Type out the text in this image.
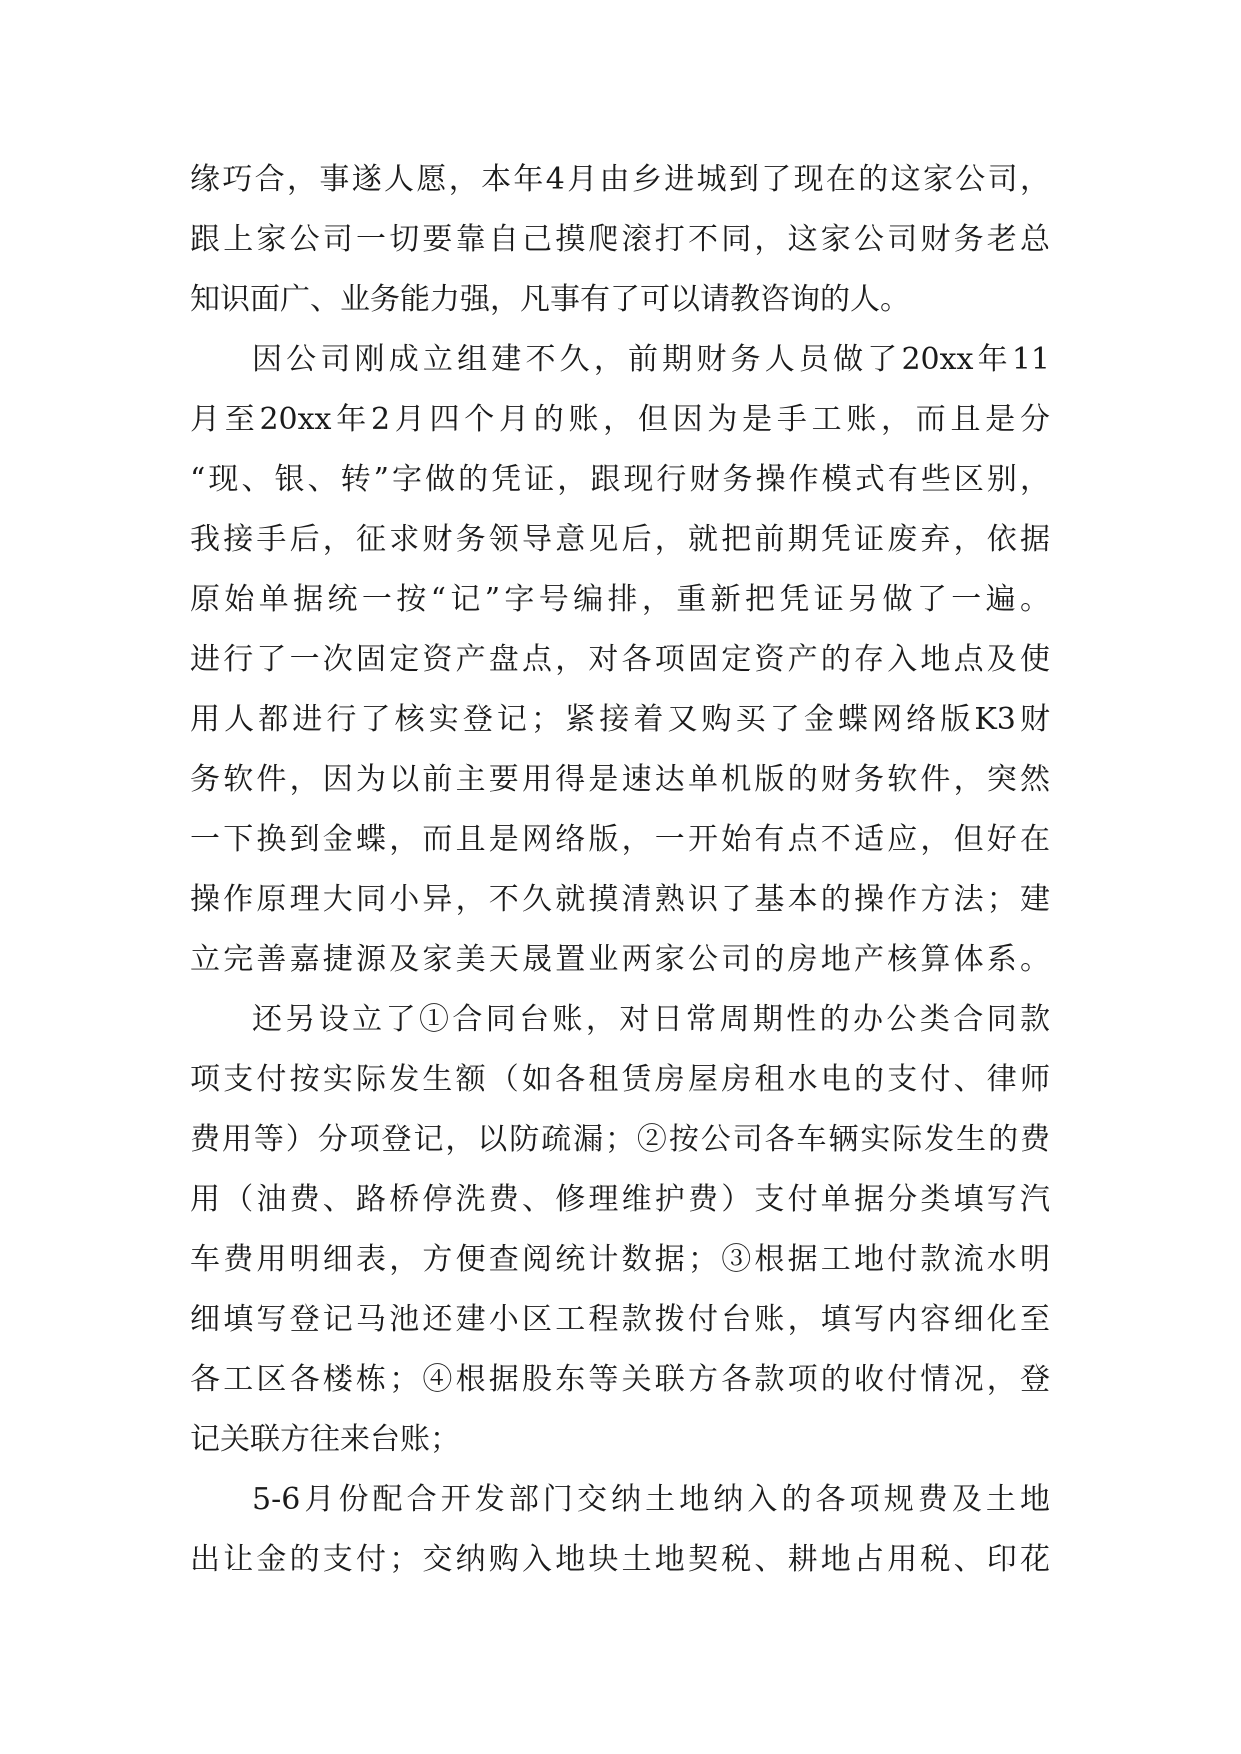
缘巧合，事遂人愿，本年4月由乡进城到了现在的这家公司，
跟上家公司一切要靠自己摸爬滚打不同，这家公司财务老总
知识面广、业务能力强，凡事有了可以请教咨询的人。
因公司刚成立组建不久，前期财务人员做了20xx年11
月至20xx年2月四个月的账，但因为是手工账，而且是分
“现、银、转”字做的凭证，跟现行财务操作模式有些区别，
我接手后，征求财务领导意见后，就把前期凭证废弃，依据
原始单据统一按“记”字号编排，重新把凭证另做了一遍。
进行了一次固定资产盘点，对各项固定资产的存入地点及使
用人都进行了核实登记；紧接着又购买了金蝶网络版K3财
务软件，因为以前主要用得是速达单机版的财务软件，突然
一下换到金蝶，而且是网络版，一开始有点不适应，但好在
操作原理大同小异，不久就摸清熟识了基本的操作方法；建
立完善嘉捷源及家美天晟置业两家公司的房地产核算体系。
还另设立了①合同台账，对日常周期性的办公类合同款
项支付按实际发生额（如各租赁房屋房租水电的支付、律师
费用等）分项登记，以防疏漏；②按公司各车辆实际发生的费
用（油费、路桥停洗费、修理维护费）支付单据分类填写汽
车费用明细表，方便查阅统计数据；③根据工地付款流水明
细填写登记马池还建小区工程款拨付台账，填写内容细化至
各工区各楼栋；④根据股东等关联方各款项的收付情况，登
记关联方往来台账；
5-6月份配合开发部门交纳土地纳入的各项规费及土地
出让金的支付；交纳购入地块土地契税、耕地占用税、印花
